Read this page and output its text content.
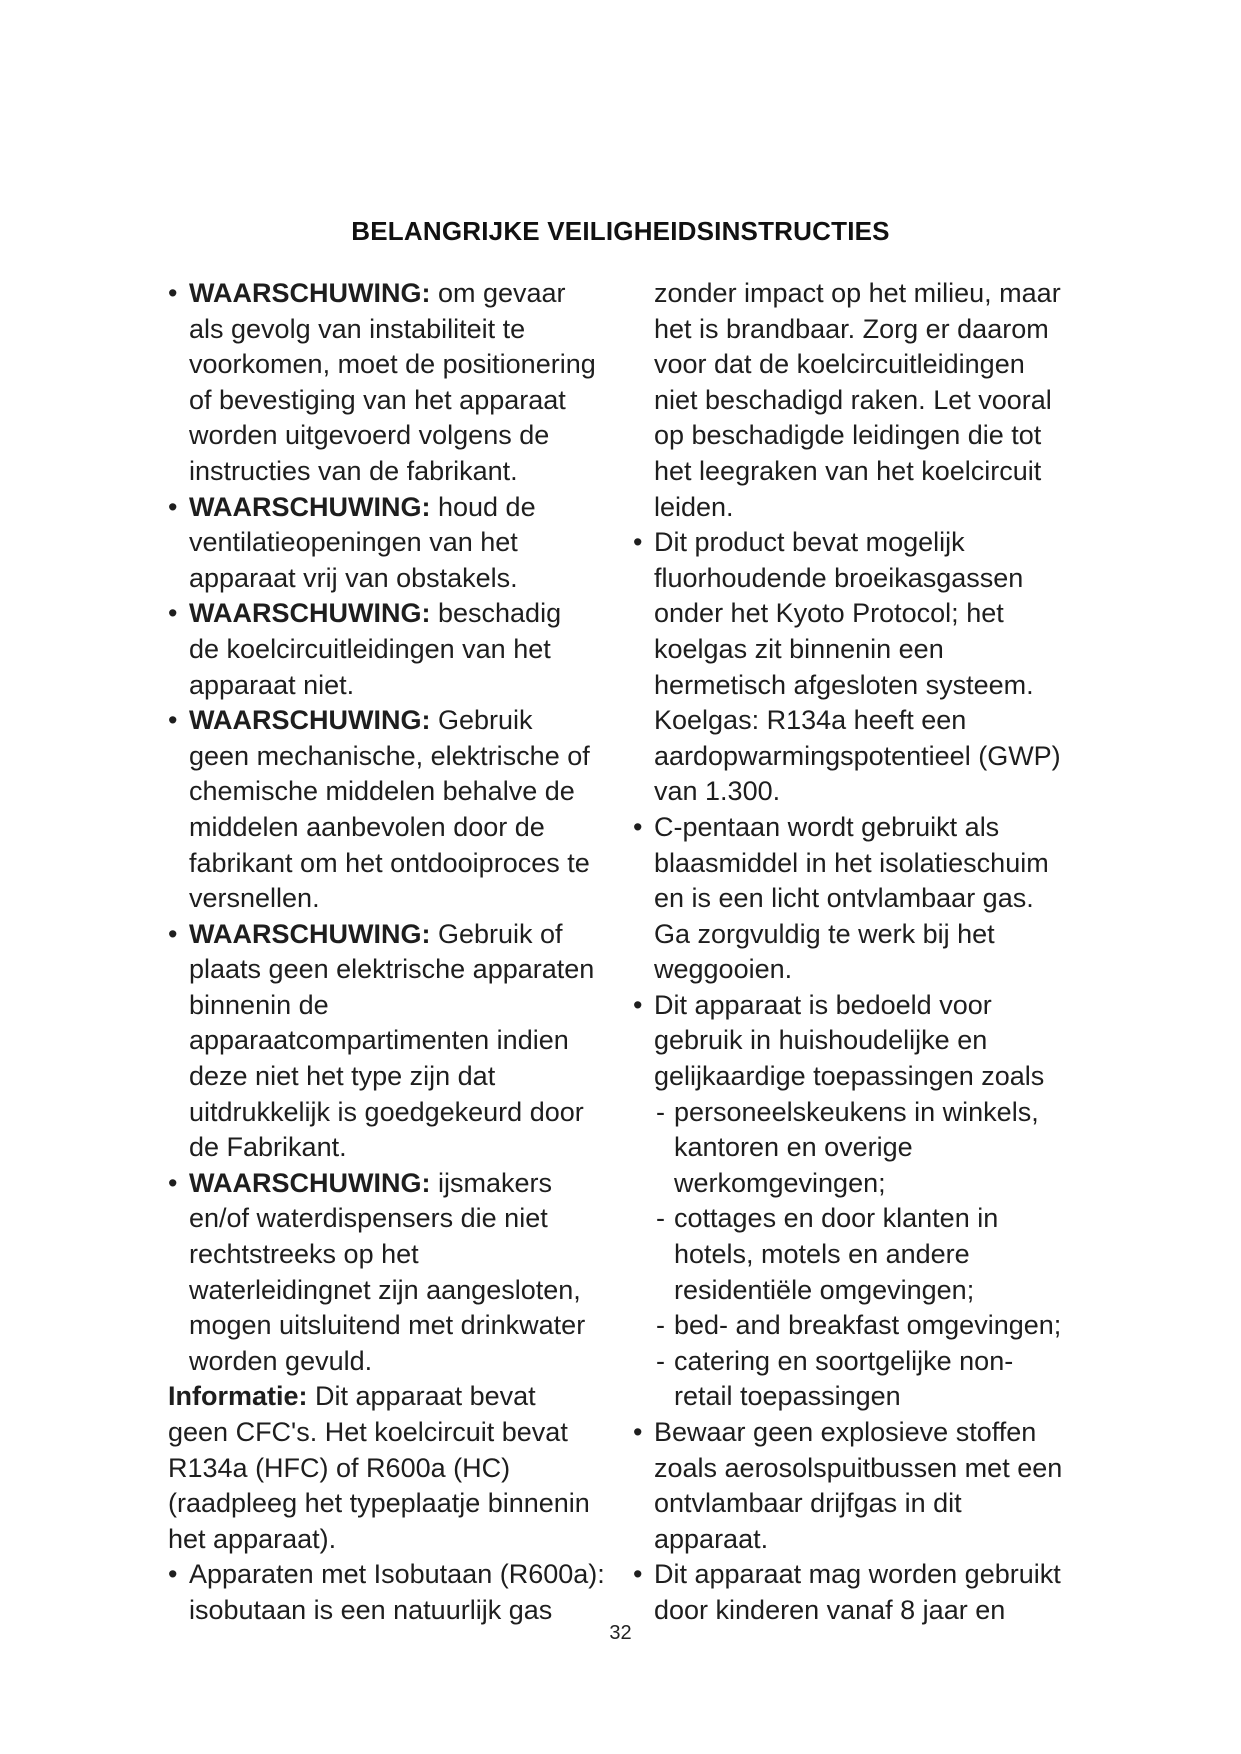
BELANGRIJKE VEILIGHEIDSINSTRUCTIES
• WAARSCHUWING: om gevaar
als gevolg van instabiliteit te
voorkomen, moet de positionering
of bevestiging van het apparaat
worden uitgevoerd volgens de
instructies van de fabrikant.
• WAARSCHUWING: houd de
ventilatieopeningen van het
apparaat vrij van obstakels.
• WAARSCHUWING: beschadig
de koelcircuitleidingen van het
apparaat niet.
• WAARSCHUWING: Gebruik
geen mechanische, elektrische of
chemische middelen behalve de
middelen aanbevolen door de
fabrikant om het ontdooiproces te
versnellen.
• WAARSCHUWING: Gebruik of
plaats geen elektrische apparaten
binnenin de
apparaatcompartimenten indien
deze niet het type zijn dat
uitdrukkelijk is goedgekeurd door
de Fabrikant.
• WAARSCHUWING: ijsmakers
en/of waterdispensers die niet
rechtstreeks op het
waterleidingnet zijn aangesloten,
mogen uitsluitend met drinkwater
worden gevuld.
Informatie: Dit apparaat bevat
geen CFC's. Het koelcircuit bevat
R134a (HFC) of R600a (HC)
(raadpleeg het typeplaatje binnenin
het apparaat).
• Apparaten met Isobutaan (R600a):
isobutaan is een natuurlijk gas
zonder impact op het milieu, maar
het is brandbaar. Zorg er daarom
voor dat de koelcircuitleidingen
niet beschadigd raken. Let vooral
op beschadigde leidingen die tot
het leegraken van het koelcircuit
leiden.
• Dit product bevat mogelijk
fluorhoudende broeikasgassen
onder het Kyoto Protocol; het
koelgas zit binnenin een
hermetisch afgesloten systeem.
Koelgas: R134a heeft een
aardopwarmingspotentieel (GWP)
van 1.300.
• C-pentaan wordt gebruikt als
blaasmiddel in het isolatieschuim
en is een licht ontvlambaar gas.
Ga zorgvuldig te werk bij het
weggooien.
• Dit apparaat is bedoeld voor
gebruik in huishoudelijke en
gelijkaardige toepassingen zoals
- personeelskeukens in winkels,
kantoren en overige
werkomgevingen;
- cottages en door klanten in
hotels, motels en andere
residentiële omgevingen;
- bed- and breakfast omgevingen;
- catering en soortgelijke non-
retail toepassingen
• Bewaar geen explosieve stoffen
zoals aerosolspuitbussen met een
ontvlambaar drijfgas in dit
apparaat.
• Dit apparaat mag worden gebruikt
door kinderen vanaf 8 jaar en
32
